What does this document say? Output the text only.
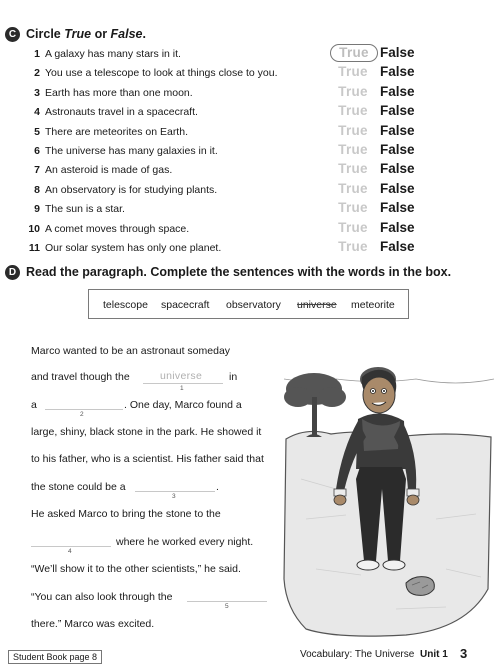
C Circle True or False.
1 A galaxy has many stars in it.	True False
2 You use a telescope to look at things close to you.	True False
3 Earth has more than one moon.	True False
4 Astronauts travel in a spacecraft.	True False
5 There are meteorites on Earth.	True False
6 The universe has many galaxies in it.	True False
7 An asteroid is made of gas.	True False
8 An observatory is for studying plants.	True False
9 The sun is a star.	True False
10 A comet moves through space.	True False
11 Our solar system has only one planet.	True False
D Read the paragraph. Complete the sentences with the words in the box.
telescope spacecraft observatory universe meteorite
Marco wanted to be an astronaut someday
and travel though the	universe
1
in
a
2
. One day, Marco found a
large, shiny, black stone in the park. He showed it
to his father, who is a scientist. His father said that
the stone could be a
3
.
He asked Marco to bring the stone to the
4
where he worked every night.
“We’ll show it to the other scientists,” he said.
“You can also look through the
5
there.” Marco was excited.
Student Book page 8	Vocabulary: The Universe Unit 1 3
